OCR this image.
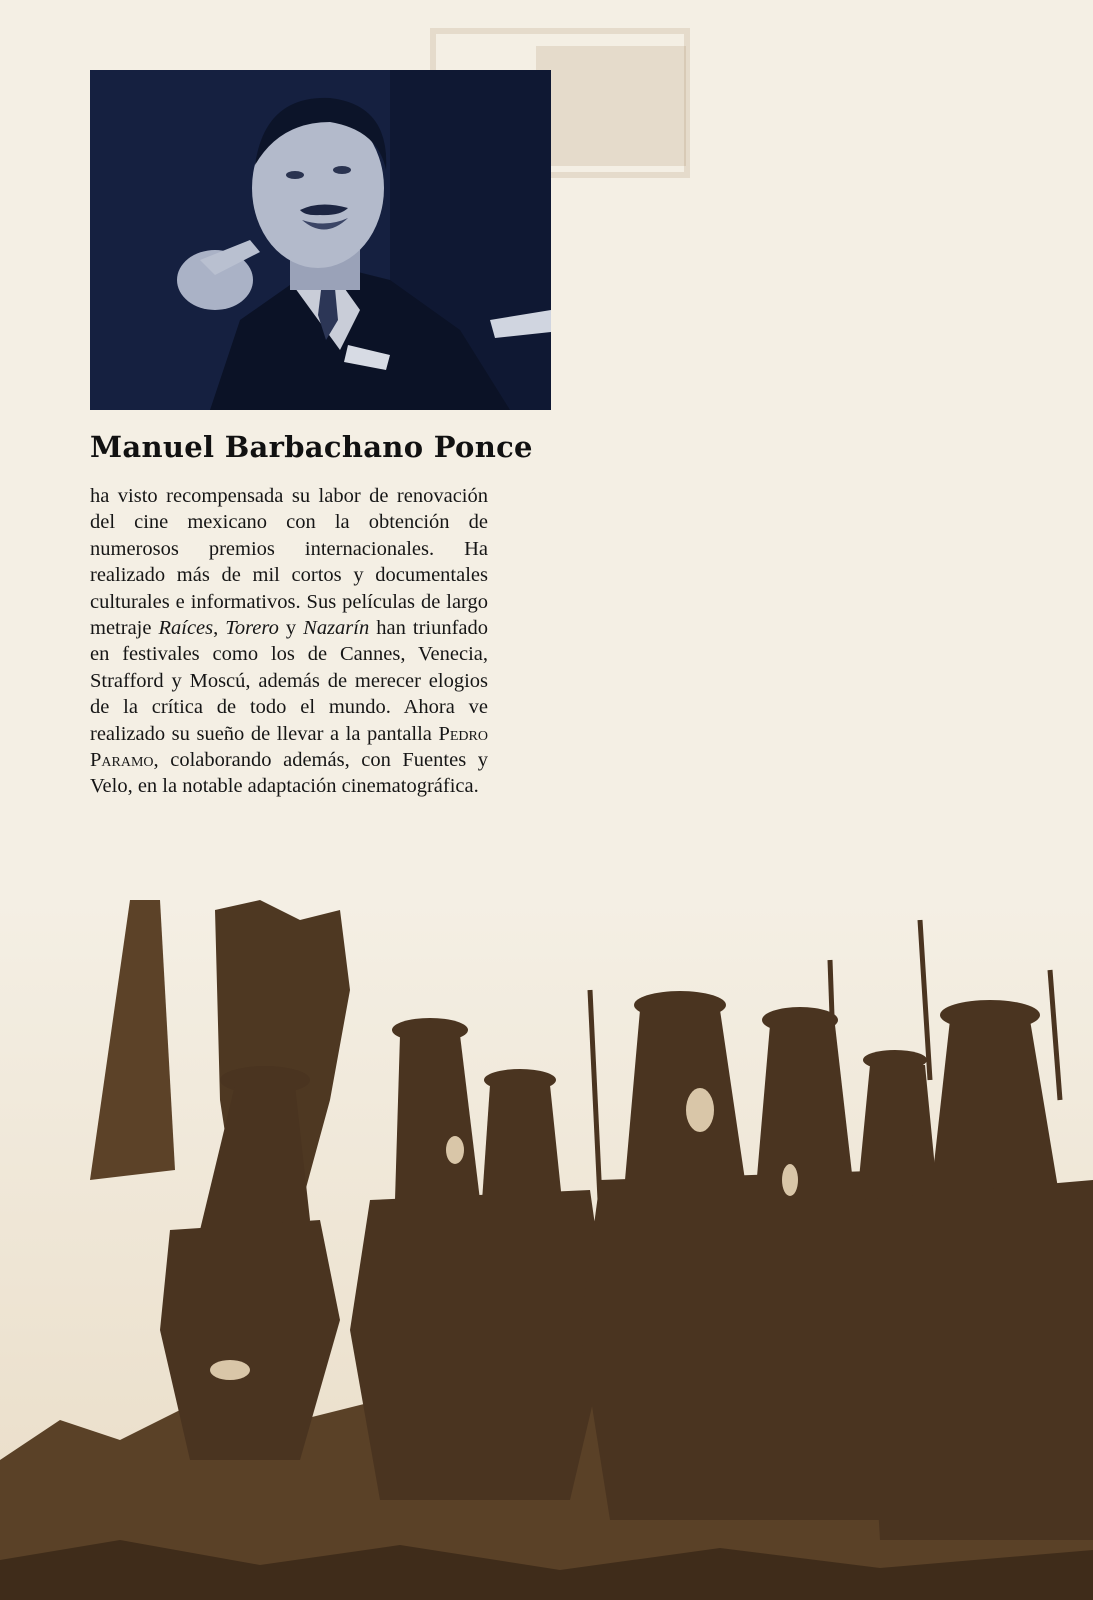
Manuel Barbachano Ponce

ha visto recompensada su labor de renovación del cine mexicano con la obtención de numerosos premios internacionales. Ha realizado más de mil cortos y documentales culturales e informativos. Sus películas de largo metraje Raíces, Torero y Nazarín han triunfado en festivales como los de Cannes, Venecia, Strafford y Moscú, además de merecer elogios de la crítica de todo el mundo. Ahora ve realizado su sueño de llevar a la pantalla Pedro Paramo, colaborando además, con Fuentes y Velo, en la notable adaptación cinematográfica.
